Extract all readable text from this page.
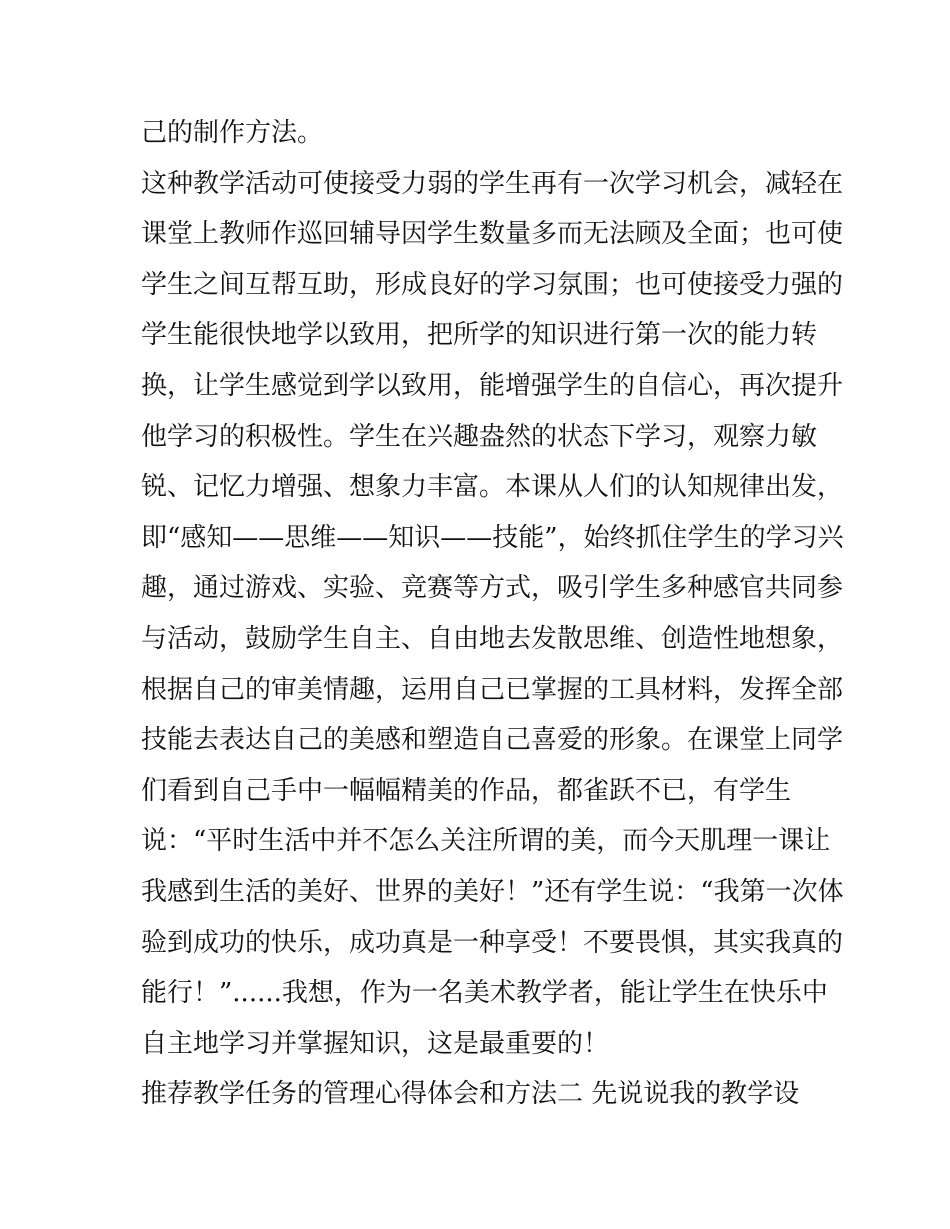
己的制作方法。
这种教学活动可使接受力弱的学生再有一次学习机会，减轻在
课堂上教师作巡回辅导因学生数量多而无法顾及全面；也可使
学生之间互帮互助，形成良好的学习氛围；也可使接受力强的
学生能很快地学以致用，把所学的知识进行第一次的能力转
换，让学生感觉到学以致用，能增强学生的自信心，再次提升
他学习的积极性。学生在兴趣盎然的状态下学习，观察力敏
锐、记忆力增强、想象力丰富。本课从人们的认知规律出发，
即“感知——思维——知识——技能”，始终抓住学生的学习兴
趣，通过游戏、实验、竞赛等方式，吸引学生多种感官共同参
与活动，鼓励学生自主、自由地去发散思维、创造性地想象，
根据自己的审美情趣，运用自己已掌握的工具材料，发挥全部
技能去表达自己的美感和塑造自己喜爱的形象。在课堂上同学
们看到自己手中一幅幅精美的作品，都雀跃不已，有学生
说：“平时生活中并不怎么关注所谓的美，而今天肌理一课让
我感到生活的美好、世界的美好！”还有学生说：“我第一次体
验到成功的快乐，成功真是一种享受！不要畏惧，其实我真的
能行！”......我想，作为一名美术教学者，能让学生在快乐中
自主地学习并掌握知识，这是最重要的！
推荐教学任务的管理心得体会和方法二 先说说我的教学设
